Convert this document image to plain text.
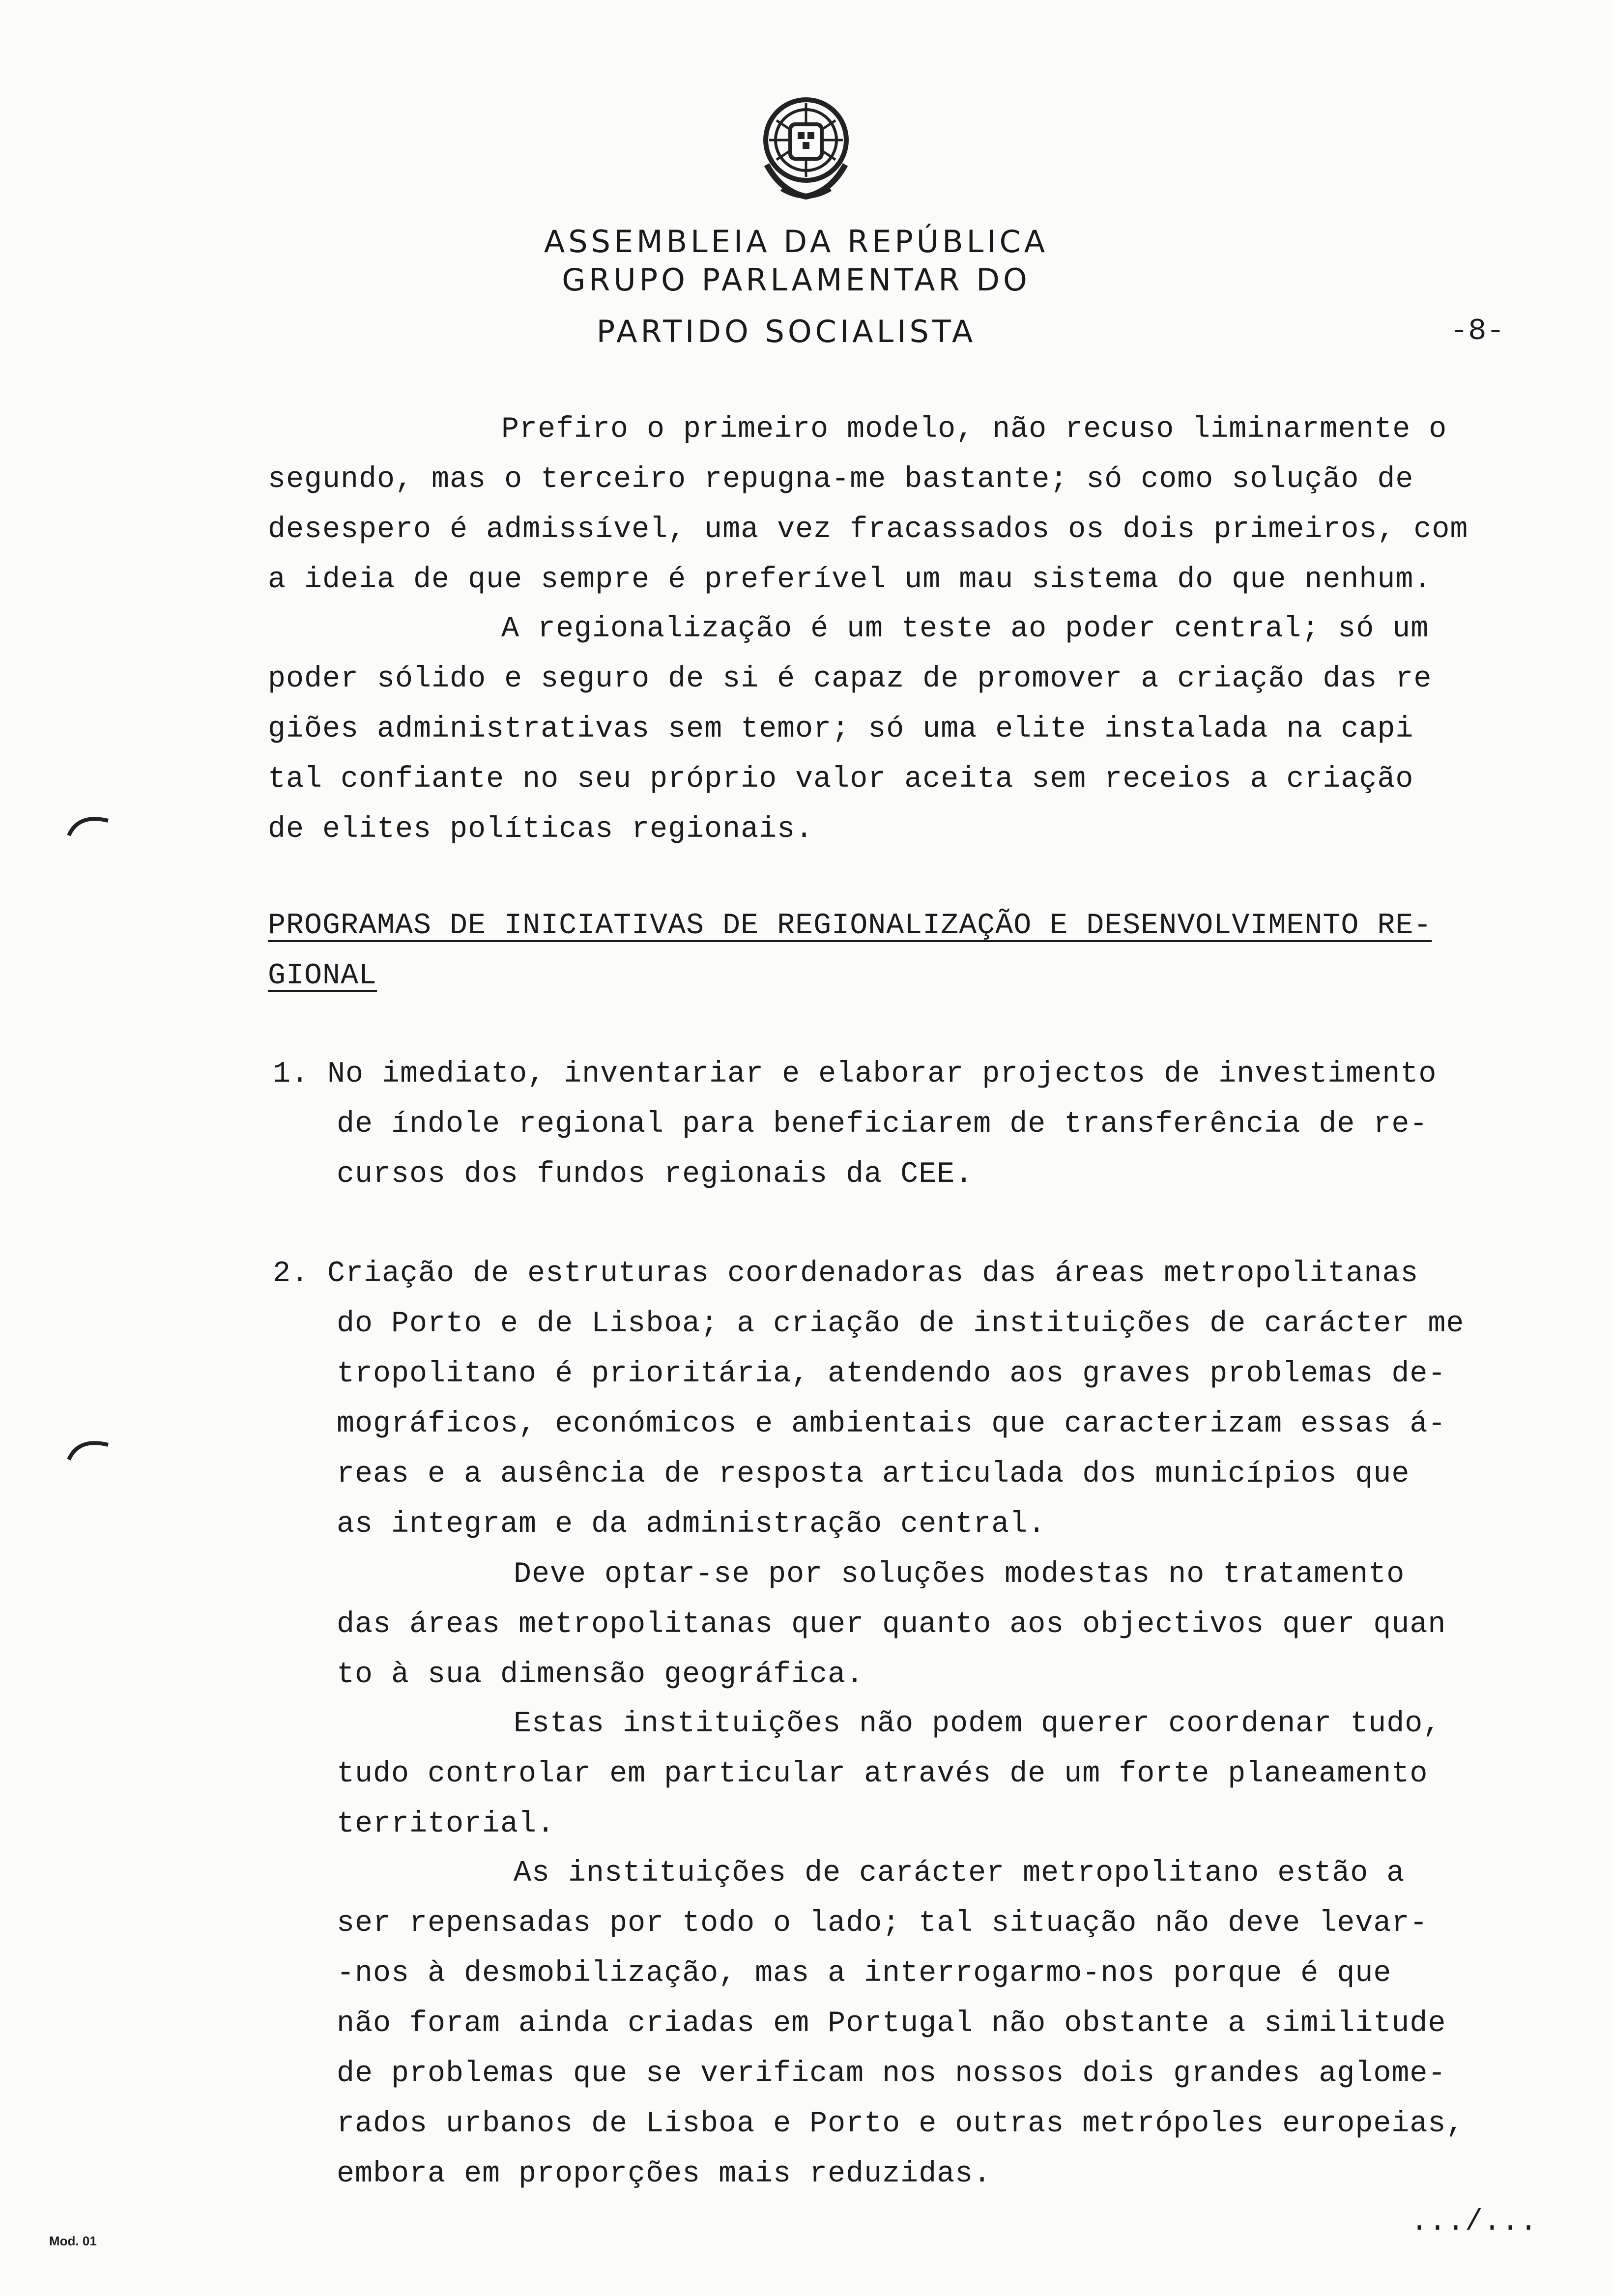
ASSEMBLEIA DA REPÚBLICA
GRUPO PARLAMENTAR DO
PARTIDO SOCIALISTA	-8-
Prefiro o primeiro modelo, não recuso liminarmente o
segundo, mas o terceiro repugna-me bastante; só como solução de
desespero é admissível, uma vez fracassados os dois primeiros, com
a ideia de que sempre é preferível um mau sistema do que nenhum.
A regionalização é um teste ao poder central; só um
poder sólido e seguro de si é capaz de promover a criação das re
giões administrativas sem temor; só uma elite instalada na capi
tal confiante no seu próprio valor aceita sem receios a criação
de elites políticas regionais.
PROGRAMAS DE INICIATIVAS DE REGIONALIZAÇÃO E DESENVOLVIMENTO RE-
GIONAL
1. No imediato, inventariar e elaborar projectos de investimento
de índole regional para beneficiarem de transferência de re-
cursos dos fundos regionais da CEE.
2. Criação de estruturas coordenadoras das áreas metropolitanas
do Porto e de Lisboa; a criação de instituições de carácter me
tropolitano é prioritária, atendendo aos graves problemas de-
mográficos, económicos e ambientais que caracterizam essas á-
reas e a ausência de resposta articulada dos municípios que
as integram e da administração central.
Deve optar-se por soluções modestas no tratamento
das áreas metropolitanas quer quanto aos objectivos quer quan
to à sua dimensão geográfica.
Estas instituições não podem querer coordenar tudo,
tudo controlar em particular através de um forte planeamento
territorial.
As instituições de carácter metropolitano estão a
ser repensadas por todo o lado; tal situação não deve levar-
-nos à desmobilização, mas a interrogarmo-nos porque é que
não foram ainda criadas em Portugal não obstante a similitude
de problemas que se verificam nos nossos dois grandes aglome-
rados urbanos de Lisboa e Porto e outras metrópoles europeias,
embora em proporções mais reduzidas.
.../...
Mod. 01
